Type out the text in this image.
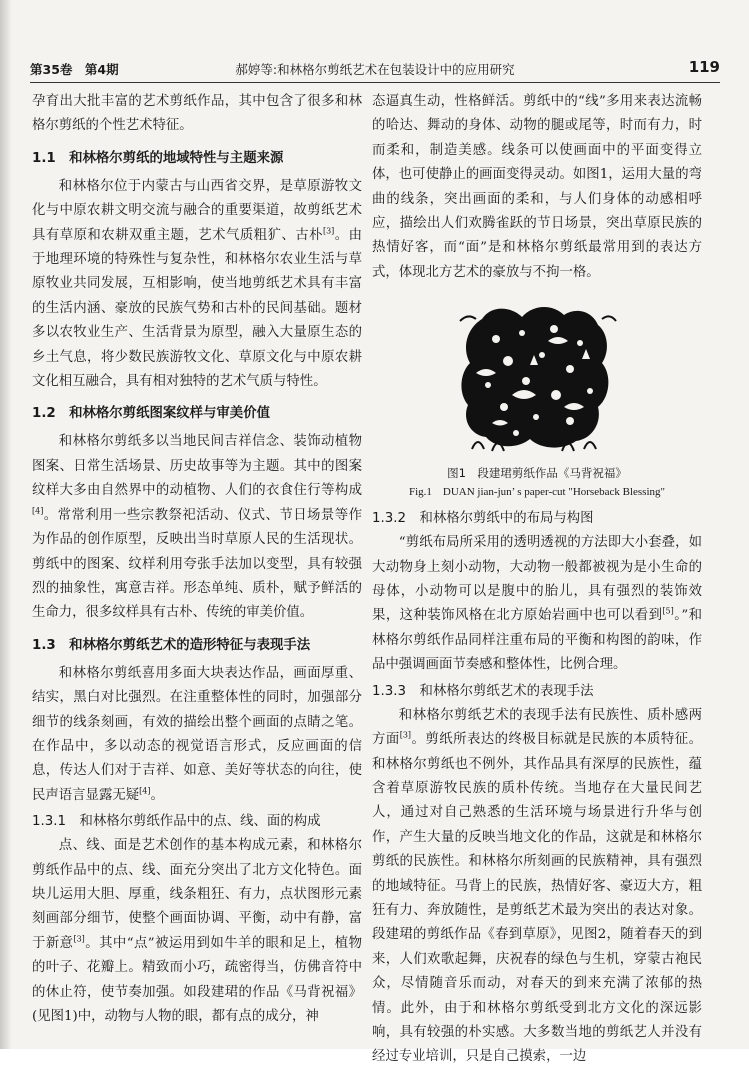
第35卷　第4期	郝婷等:和林格尔剪纸艺术在包装设计中的应用研究	119

孕育出大批丰富的艺术剪纸作品，其中包含了很多和林格尔剪纸的个性艺术特征。

1.1　和林格尔剪纸的地域特性与主题来源

和林格尔位于内蒙古与山西省交界，是草原游牧文化与中原农耕文明交流与融合的重要渠道，故剪纸艺术具有草原和农耕双重主题，艺术气质粗犷、古朴[3]。由于地理环境的特殊性与复杂性，和林格尔农业生活与草原牧业共同发展，互相影响，使当地剪纸艺术具有丰富的生活内涵、豪放的民族气势和古朴的民间基础。题材多以农牧业生产、生活背景为原型，融入大量原生态的乡土气息，将少数民族游牧文化、草原文化与中原农耕文化相互融合，具有相对独特的艺术气质与特性。

1.2　和林格尔剪纸图案纹样与审美价值

和林格尔剪纸多以当地民间吉祥信念、装饰动植物图案、日常生活场景、历史故事等为主题。其中的图案纹样大多由自然界中的动植物、人们的衣食住行等构成[4]。常常利用一些宗教祭祀活动、仪式、节日场景等作为作品的创作原型，反映出当时草原人民的生活现状。剪纸中的图案、纹样利用夸张手法加以变型，具有较强烈的抽象性，寓意吉祥。形态单纯、质朴，赋予鲜活的生命力，很多纹样具有古朴、传统的审美价值。

1.3　和林格尔剪纸艺术的造形特征与表现手法

和林格尔剪纸喜用多面大块表达作品，画面厚重、结实，黑白对比强烈。在注重整体性的同时，加强部分细节的线条刻画，有效的描绘出整个画面的点睛之笔。在作品中，多以动态的视觉语言形式，反应画面的信息，传达人们对于吉祥、如意、美好等状态的向往，使民声语言显露无疑[4]。

1.3.1　和林格尔剪纸作品中的点、线、面的构成

点、线、面是艺术创作的基本构成元素，和林格尔剪纸作品中的点、线、面充分突出了北方文化特色。面块儿运用大胆、厚重，线条粗狂、有力，点状图形元素刻画部分细节，使整个画面协调、平衡，动中有静，富于新意[3]。其中“点”被运用到如牛羊的眼和足上，植物的叶子、花瓣上。精致而小巧，疏密得当，仿佛音符中的休止符，使节奏加强。如段建珺的作品《马背祝福》(见图1)中，动物与人物的眼，都有点的成分，神

态逼真生动，性格鲜活。剪纸中的“线”多用来表达流畅的哈达、舞动的身体、动物的腿或尾等，时而有力，时而柔和，制造美感。线条可以使画面中的平面变得立体，也可使静止的画面变得灵动。如图1，运用大量的弯曲的线条，突出画面的柔和，与人们身体的动感相呼应，描绘出人们欢腾雀跃的节日场景，突出草原民族的热情好客，而“面”是和林格尔剪纸最常用到的表达方式，体现北方艺术的豪放与不拘一格。

图1　段建珺剪纸作品《马背祝福》
Fig.1　DUAN jian-jun’ s paper-cut "Horseback Blessing"
1.3.2　和林格尔剪纸中的布局与构图

“剪纸布局所采用的透明透视的方法即大小套叠，如大动物身上刻小动物，大动物一般都被视为是小生命的母体，小动物可以是腹中的胎儿，具有强烈的装饰效果，这种装饰风格在北方原始岩画中也可以看到[5]。”和林格尔剪纸作品同样注重布局的平衡和构图的韵味，作品中强调画面节奏感和整体性，比例合理。

1.3.3　和林格尔剪纸艺术的表现手法

和林格尔剪纸艺术的表现手法有民族性、质朴感两方面[3]。剪纸所表达的终极目标就是民族的本质特征。和林格尔剪纸也不例外，其作品具有深厚的民族性，蕴含着草原游牧民族的质朴传统。当地存在大量民间艺人，通过对自己熟悉的生活环境与场景进行升华与创作，产生大量的反映当地文化的作品，这就是和林格尔剪纸的民族性。和林格尔所刻画的民族精神，具有强烈的地域特征。马背上的民族，热情好客、豪迈大方，粗狂有力、奔放随性，是剪纸艺术最为突出的表达对象。段建珺的剪纸作品《春到草原》，见图2，随着春天的到来，人们欢歌起舞，庆祝春的绿色与生机，穿蒙古袍民众，尽情随音乐而动，对春天的到来充满了浓郁的热情。此外，由于和林格尔剪纸受到北方文化的深远影响，具有较强的朴实感。大多数当地的剪纸艺人并没有经过专业培训，只是自己摸索，一边
